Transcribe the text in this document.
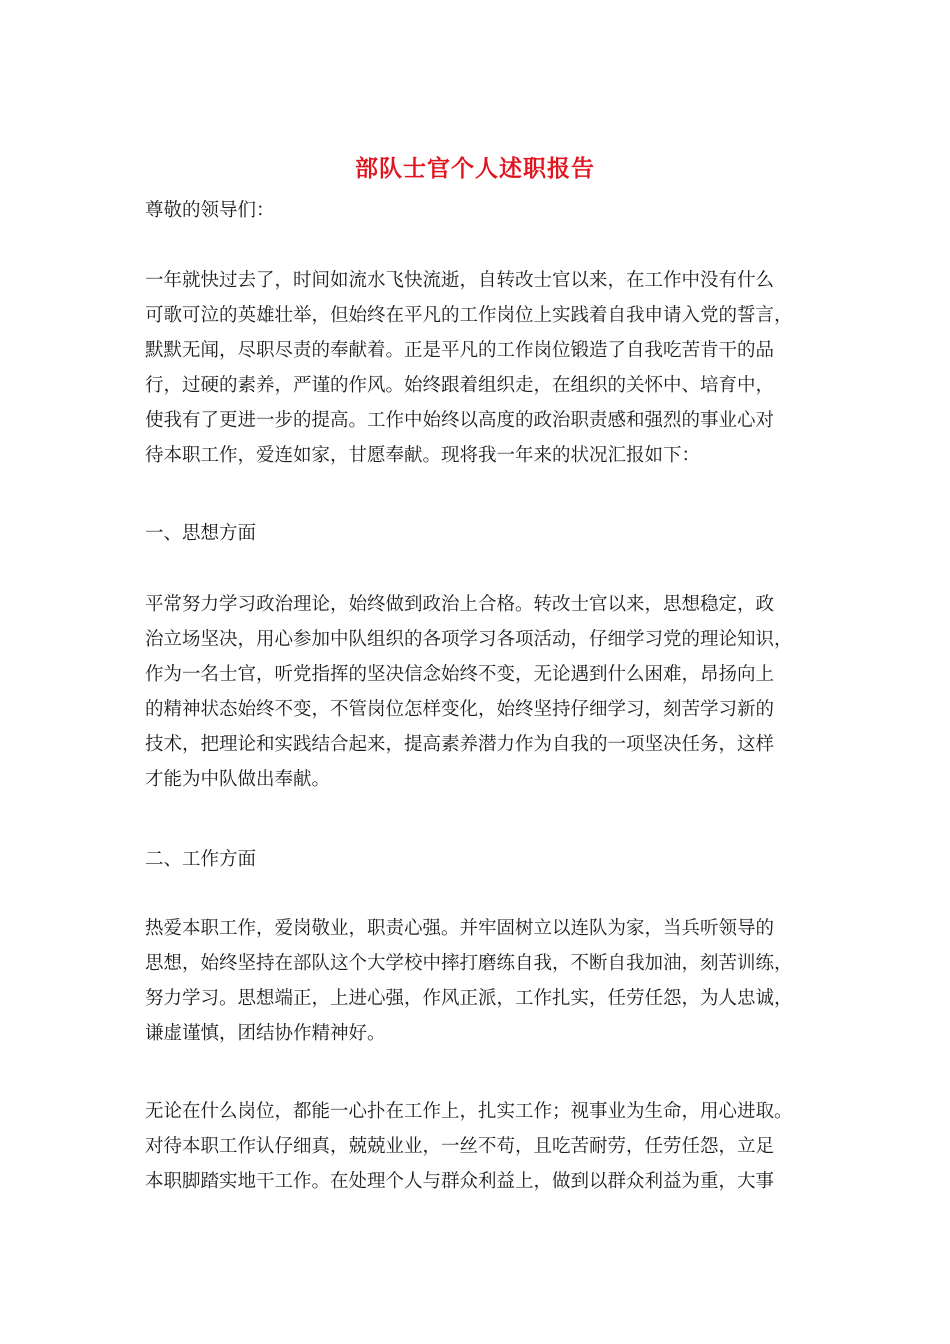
部队士官个人述职报告
尊敬的领导们：
一年就快过去了，时间如流水飞快流逝，自转改士官以来，在工作中没有什么
可歌可泣的英雄壮举，但始终在平凡的工作岗位上实践着自我申请入党的誓言，
默默无闻，尽职尽责的奉献着。正是平凡的工作岗位锻造了自我吃苦肯干的品
行，过硬的素养，严谨的作风。始终跟着组织走，在组织的关怀中、培育中，
使我有了更进一步的提高。工作中始终以高度的政治职责感和强烈的事业心对
待本职工作，爱连如家，甘愿奉献。现将我一年来的状况汇报如下：
一、思想方面
平常努力学习政治理论，始终做到政治上合格。转改士官以来，思想稳定，政
治立场坚决，用心参加中队组织的各项学习各项活动，仔细学习党的理论知识，
作为一名士官，听党指挥的坚决信念始终不变，无论遇到什么困难，昂扬向上
的精神状态始终不变，不管岗位怎样变化，始终坚持仔细学习，刻苦学习新的
技术，把理论和实践结合起来，提高素养潜力作为自我的一项坚决任务，这样
才能为中队做出奉献。
二、工作方面
热爱本职工作，爱岗敬业，职责心强。并牢固树立以连队为家，当兵听领导的
思想，始终坚持在部队这个大学校中摔打磨练自我，不断自我加油，刻苦训练，
努力学习。思想端正，上进心强，作风正派，工作扎实，任劳任怨，为人忠诚，
谦虚谨慎，团结协作精神好。
无论在什么岗位，都能一心扑在工作上，扎实工作；视事业为生命，用心进取。
对待本职工作认仔细真，兢兢业业，一丝不苟，且吃苦耐劳，任劳任怨，立足
本职脚踏实地干工作。在处理个人与群众利益上，做到以群众利益为重，大事
